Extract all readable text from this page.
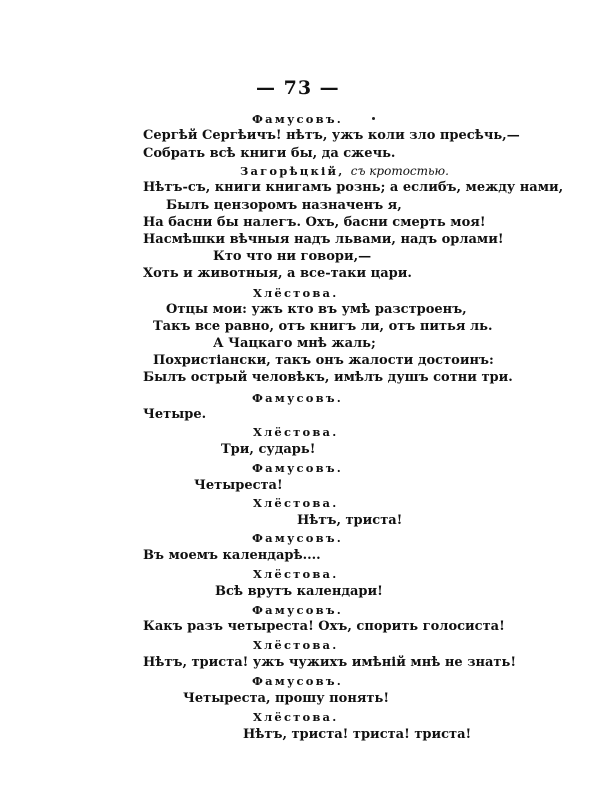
— 73 —
Фамусовъ.
Сергѣй Сергѣичъ! нѣтъ, ужъ коли зло пресѣчь,—
Собрать всѣ книги бы, да сжечь.
Загорѣцкій, съ кротостью.
Нѣтъ-съ, книги книгамъ рознь; а еслибъ, между нами,
Былъ цензоромъ назначенъ я,
На басни бы налегъ. Охъ, басни смерть моя!
Насмѣшки вѣчныя надъ львами, надъ орлами!
Кто что ни говори,—
Хоть и животныя, а все-таки цари.
Хлёстова.
Отцы мои: ужъ кто въ умѣ разстроенъ,
Такъ все равно, отъ книгъ ли, отъ питья ль.
А Чацкаго мнѣ жаль;
Похристіански, такъ онъ жалости достоинъ:
Былъ острый человѣкъ, имѣлъ душъ сотни три.
Фамусовъ.
Четыре.
Хлёстова.
Три, сударь!
Фамусовъ.
Четыреста!
Хлёстова.
Нѣтъ, триста!
Фамусовъ.
Въ моемъ календарѣ....
Хлёстова.
Всѣ врутъ календари!
Фамусовъ.
Какъ разъ четыреста! Охъ, спорить голосиста!
Хлёстова.
Нѣтъ, триста! ужъ чужихъ имѣній мнѣ не знать!
Фамусовъ.
Четыреста, прошу понять!
Хлёстова.
Нѣтъ, триста! триста! триста!
